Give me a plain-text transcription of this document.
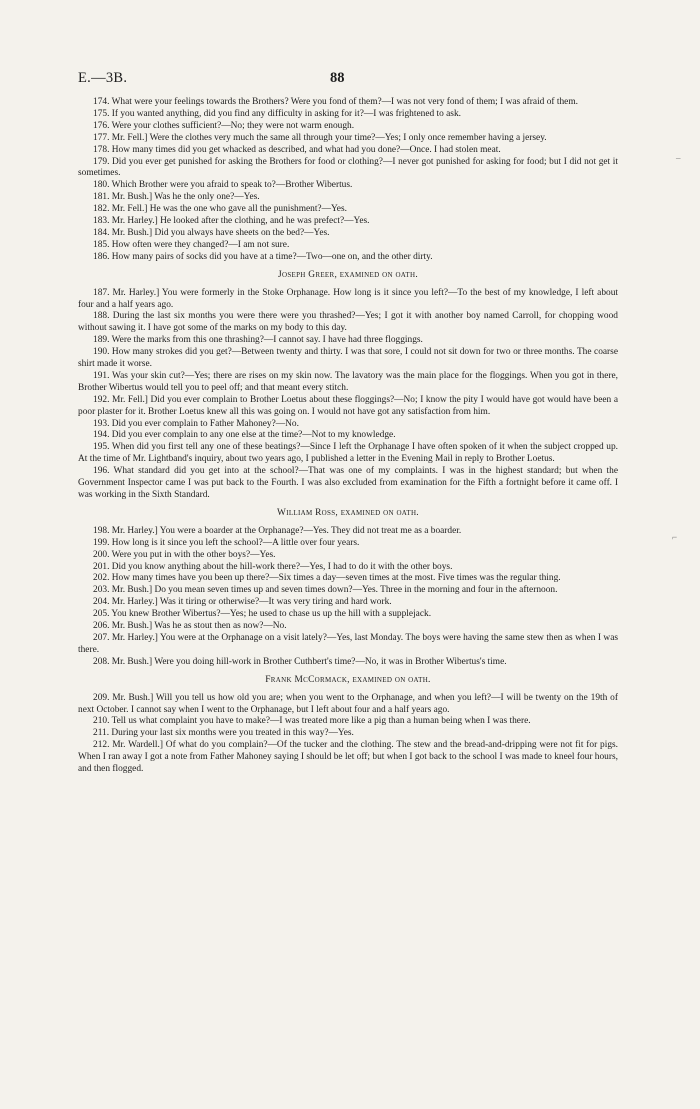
E.—3B.	88

174. What were your feelings towards the Brothers? Were you fond of them?—I was not very fond of them; I was afraid of them.

175. If you wanted anything, did you find any difficulty in asking for it?—I was frightened to ask.

176. Were your clothes sufficient?—No; they were not warm enough.

177. Mr. Fell.] Were the clothes very much the same all through your time?—Yes; I only once remember having a jersey.

178. How many times did you get whacked as described, and what had you done?—Once. I had stolen meat.

179. Did you ever get punished for asking the Brothers for food or clothing?—I never got punished for asking for food; but I did not get it sometimes.

180. Which Brother were you afraid to speak to?—Brother Wibertus.

181. Mr. Bush.] Was he the only one?—Yes.

182. Mr. Fell.] He was the one who gave all the punishment?—Yes.

183. Mr. Harley.] He looked after the clothing, and he was prefect?—Yes.

184. Mr. Bush.] Did you always have sheets on the bed?—Yes.

185. How often were they changed?—I am not sure.

186. How many pairs of socks did you have at a time?—Two—one on, and the other dirty.

Joseph Greer, examined on oath.

187. Mr. Harley.] You were formerly in the Stoke Orphanage. How long is it since you left?—To the best of my knowledge, I left about four and a half years ago.

188. During the last six months you were there were you thrashed?—Yes; I got it with another boy named Carroll, for chopping wood without sawing it. I have got some of the marks on my body to this day.

189. Were the marks from this one thrashing?—I cannot say. I have had three floggings.

190. How many strokes did you get?—Between twenty and thirty. I was that sore, I could not sit down for two or three months. The coarse shirt made it worse.

191. Was your skin cut?—Yes; there are rises on my skin now. The lavatory was the main place for the floggings. When you got in there, Brother Wibertus would tell you to peel off; and that meant every stitch.

192. Mr. Fell.] Did you ever complain to Brother Loetus about these floggings?—No; I know the pity I would have got would have been a poor plaster for it. Brother Loetus knew all this was going on. I would not have got any satisfaction from him.

193. Did you ever complain to Father Mahoney?—No.

194. Did you ever complain to any one else at the time?—Not to my knowledge.

195. When did you first tell any one of these beatings?—Since I left the Orphanage I have often spoken of it when the subject cropped up. At the time of Mr. Lightband's inquiry, about two years ago, I published a letter in the Evening Mail in reply to Brother Loetus.

196. What standard did you get into at the school?—That was one of my complaints. I was in the highest standard; but when the Government Inspector came I was put back to the Fourth. I was also excluded from examination for the Fifth a fortnight before it came off. I was working in the Sixth Standard.

William Ross, examined on oath.

198. Mr. Harley.] You were a boarder at the Orphanage?—Yes. They did not treat me as a boarder.

199. How long is it since you left the school?—A little over four years.

200. Were you put in with the other boys?—Yes.

201. Did you know anything about the hill-work there?—Yes, I had to do it with the other boys.

202. How many times have you been up there?—Six times a day—seven times at the most. Five times was the regular thing.

203. Mr. Bush.] Do you mean seven times up and seven times down?—Yes. Three in the morning and four in the afternoon.

204. Mr. Harley.] Was it tiring or otherwise?—It was very tiring and hard work.

205. You knew Brother Wibertus?—Yes; he used to chase us up the hill with a supplejack.

206. Mr. Bush.] Was he as stout then as now?—No.

207. Mr. Harley.] You were at the Orphanage on a visit lately?—Yes, last Monday. The boys were having the same stew then as when I was there.

208. Mr. Bush.] Were you doing hill-work in Brother Cuthbert's time?—No, it was in Brother Wibertus's time.

Frank McCormack, examined on oath.

209. Mr. Bush.] Will you tell us how old you are; when you went to the Orphanage, and when you left?—I will be twenty on the 19th of next October. I cannot say when I went to the Orphanage, but I left about four and a half years ago.

210. Tell us what complaint you have to make?—I was treated more like a pig than a human being when I was there.

211. During your last six months were you treated in this way?—Yes.

212. Mr. Wardell.] Of what do you complain?—Of the tucker and the clothing. The stew and the bread-and-dripping were not fit for pigs. When I ran away I got a note from Father Mahoney saying I should be let off; but when I got back to the school I was made to kneel four hours, and then flogged.

–
⌐
